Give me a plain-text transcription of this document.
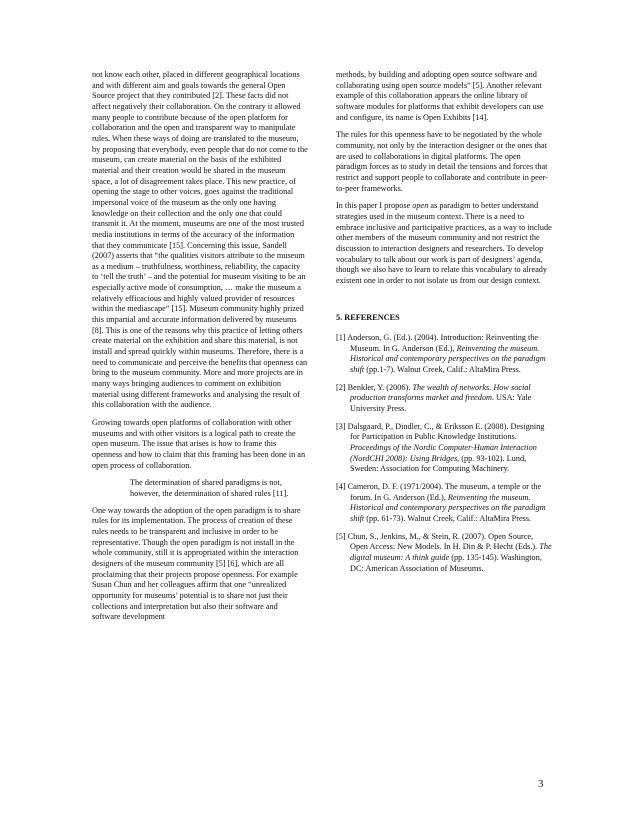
not know each other, placed in different geographical locations and with different aim and goals towards the general Open Source project that they contributed [2]. These facts did not affect negatively their collaboration. On the contrary it allowed many people to contribute because of the open platform for collaboration and the open and transparent way to manipulate rules. When these ways of doing are translated to the museum, by proposing that everybody, even people that do not come to the museum, can create material on the basis of the exhibited material and their creation would be shared in the museum space, a lot of disagreement takes place. This new practice, of opening the stage to other voices, goes against the traditional impersonal voice of the museum as the only one having knowledge on their collection and the only one that could transmit it. At the moment, museums are one of the most trusted media institutions in terms of the accuracy of the information that they communicate [15]. Concerning this issue, Sandell (2007) asserts that “the qualities visitors attribute to the museum as a medium – truthfulness, worthiness, reliability, the capacity to ‘tell the truth’ – and the potential for museum visiting to be an especially active mode of consumption, … make the museum a relatively efficacious and highly valued provider of resources within the mediascape” [15]. Museum community highly prized this impartial and accurate information delivered by museums [8]. This is one of the reasons why this practice of letting others create material on the exhibition and share this material, is not install and spread quickly within museums. Therefore, there is a need to communicate and perceive the benefits that openness can bring to the museum community. More and more projects are in many ways bringing audiences to comment on exhibition material using different frameworks and analysing the result of this collaboration with the audience.

Growing towards open platforms of collaboration with other museums and with other visitors is a logical path to create the open museum. The issue that arises is how to frame this openness and how to claim that this framing has been done in an open process of collaboration.

The determination of shared paradigms is not, however, the determination of shared rules [11].

One way towards the adoption of the open paradigm is to share rules for its implementation. The process of creation of these rules needs to be transparent and inclusive in order to be representative. Though the open paradigm is not install in the whole community, still it is appropriated within the interaction designers of the museum community [5] [6], which are all proclaiming that their projects propose openness. For example Susan Chun and her colleagues affirm that one “unrealized opportunity for museums’ potential is to share not just their collections and interpretation but also their software and software development

methods, by building and adopting open source software and collaborating using open source models” [5]. Another relevant example of this collaboration appears the online library of software modules for platforms that exhibit developers can use and configure, its name is Open Exhibits [14].

The rules for this openness have to be negotiated by the whole community, not only by the interaction designer or the ones that are used to collaborations in digital platforms. The open paradigm forces as to study in detail the tensions and forces that restrict and support people to collaborate and contribute in peer-to-peer frameworks.

In this paper I propose open as paradigm to better understand strategies used in the museum context. There is a need to embrace inclusive and participative practices, as a way to include other members of the museum community and not restrict the discussion to interaction designers and researchers. To develop vocabulary to talk about our work is part of designers’ agenda, though we also have to learn to relate this vocabulary to already existent one in order to not isolate us from our design context.

5. REFERENCES

[1] Anderson, G. (Ed.). (2004). Introduction: Reinventing the Museum. In G. Anderson (Ed.), Reinventing the museum. Historical and contemporary perspectives on the paradigm shift (pp.1-7). Walnut Creek, Calif.: AltaMira Press.

[2] Benkler, Y. (2006). The wealth of networks. How social production transforms market and freedom. USA: Yale University Press.

[3] Dalsgaard, P., Dindler, C., & Eriksson E. (2008). Designing for Participation in Public Knowledge Institutions. Proceedings of the Nordic Computer-Human Interaction (NordCHI 2008): Using Bridges, (pp. 93-102). Lund, Sweden: Association for Computing Machinery.

[4] Cameron, D. F. (1971/2004). The museum, a temple or the forum. In G. Anderson (Ed.), Reinventing the museum. Historical and contemporary perspectives on the paradigm shift (pp. 61-73). Walnut Creek, Calif.: AltaMira Press.

[5] Chun, S., Jenkins, M., & Stein, R. (2007). Open Source, Open Access: New Models. In H. Din & P. Hecht (Eds.). The digital museum: A think guide (pp. 135-145). Washington, DC: American Association of Museums.

3
